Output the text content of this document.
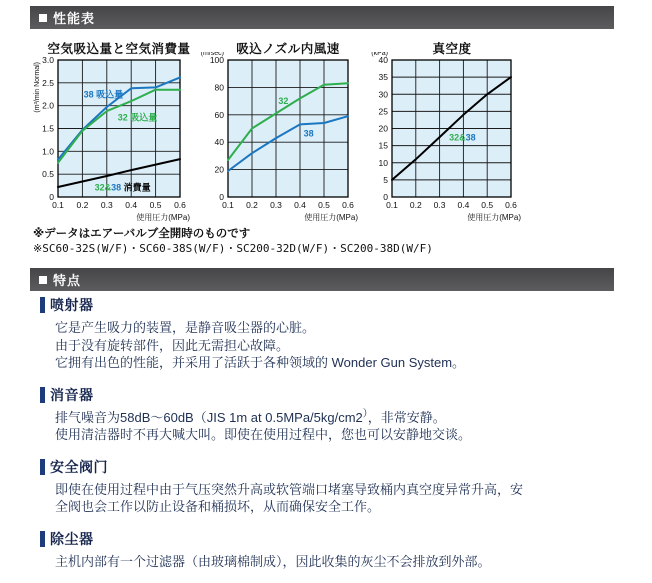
性能表
空気吸込量と空気消費量	吸込ノズル内風速	真空度
0
0.5
1.0
1.5
2.0
2.5
3.0
0.1 0.2 0.3 0.4 0.5 0.6
(m³/min Normal)
使用圧力(MPa)
38 吸込量
32 吸込量
32&38 消費量
0
20
40
60
80
100
0.1 0.2 0.3 0.4 0.5 0.6
(m/sec)
使用圧力(MPa)
32
38
0
5
10
15
20
25
30
35
40
0.1 0.2 0.3 0.4 0.5 0.6
(kPa)
使用圧力(MPa)
32&38
※データはエアーバルブ全開時のものです
※SC60-32S(W/F)・SC60-38S(W/F)・SC200-32D(W/F)・SC200-38D(W/F)
特点
喷射器
它是产生吸力的装置，是静音吸尘器的心脏。
由于没有旋转部件，因此无需担心故障。
它拥有出色的性能，并采用了活跃于各种领域的 Wonder Gun System。
消音器
排气噪音为58dB～60dB（JIS 1m at 0.5MPa/5kg/cm2），非常安静。
使用清洁器时不再大喊大叫。即使在使用过程中，您也可以安静地交谈。
安全阀门
即使在使用过程中由于气压突然升高或软管端口堵塞导致桶内真空度异常升高，安
全阀也会工作以防止设备和桶损坏，从而确保安全工作。
除尘器
主机内部有一个过滤器（由玻璃棉制成），因此收集的灰尘不会排放到外部。
